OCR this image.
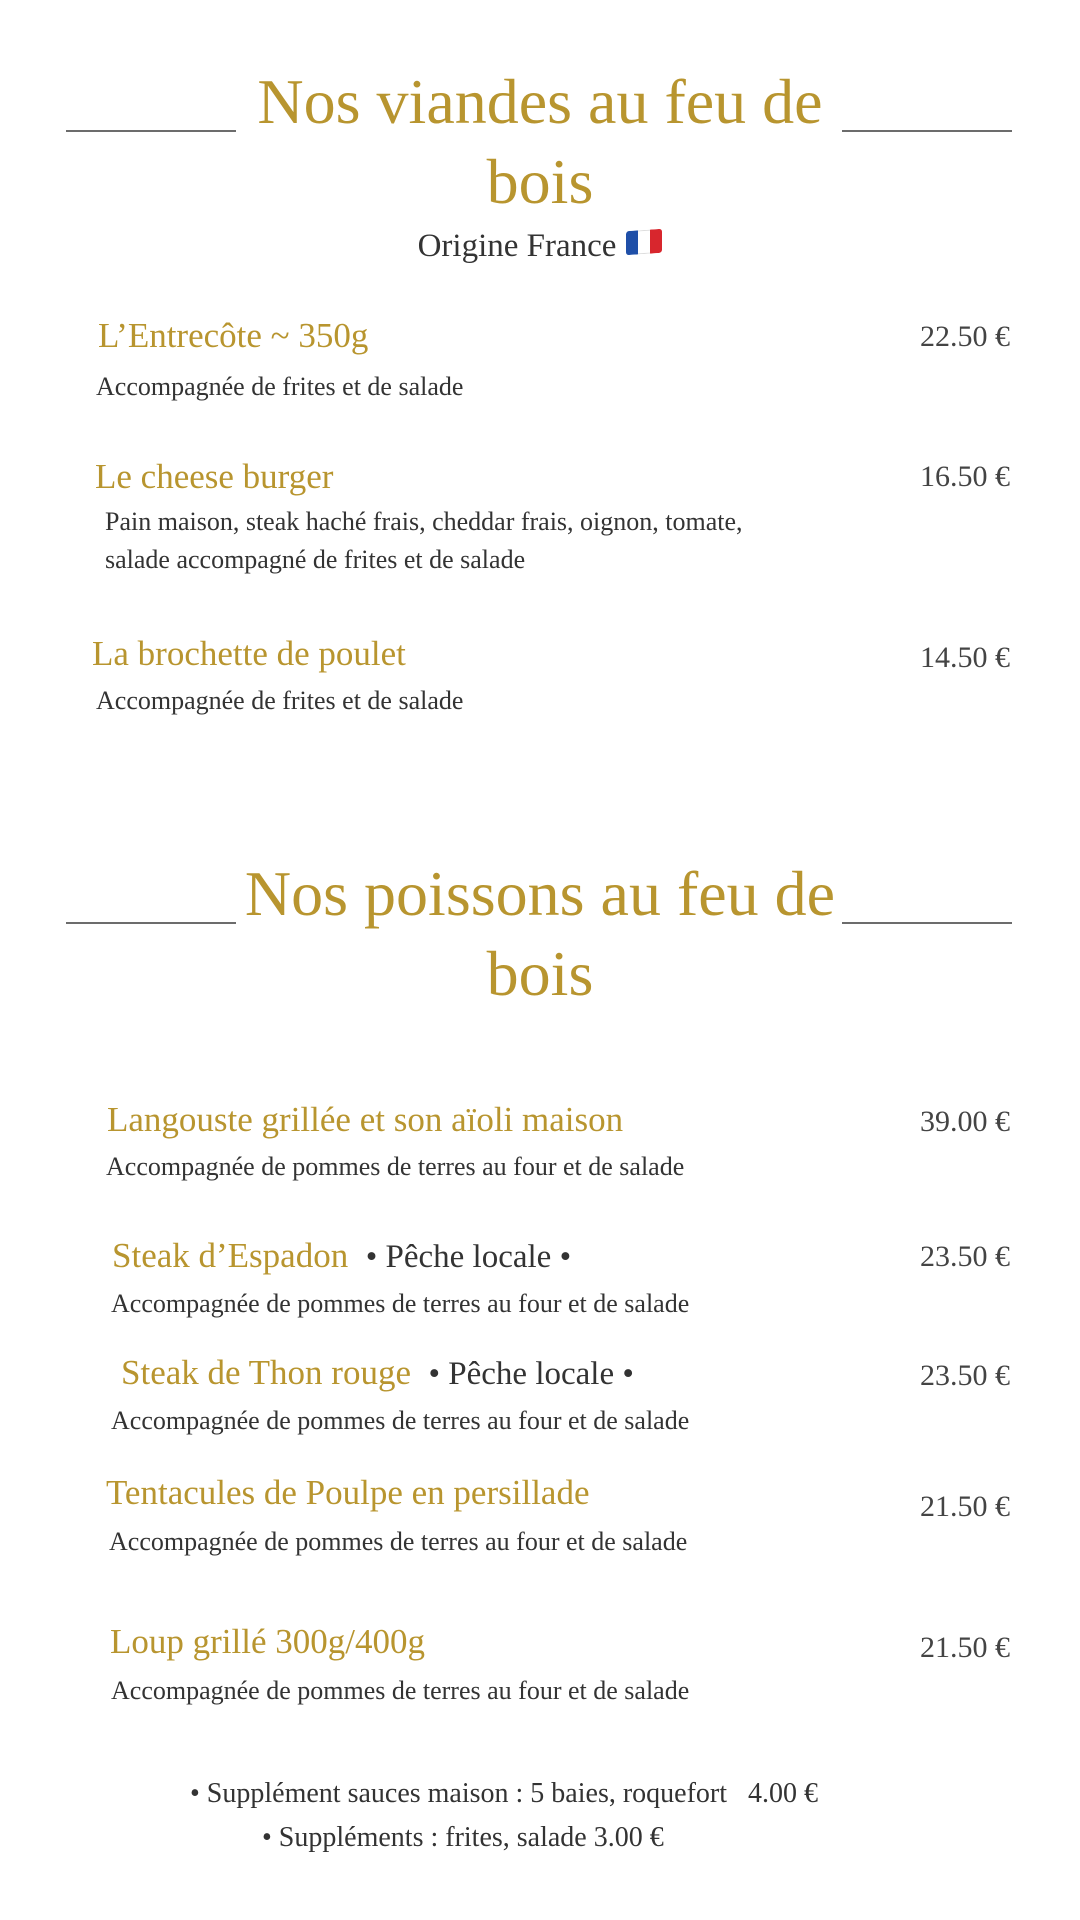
Nos viandes au feu de
bois
Origine France
L’Entrecôte ~ 350g
Accompagnée de frites et de salade
22.50 €
Le cheese burger
Pain maison, steak haché frais, cheddar frais, oignon, tomate,
salade accompagné de frites et de salade
16.50 €
La brochette de poulet
Accompagnée de frites et de salade
14.50 €
Nos poissons au feu de
bois
Langouste grillée et son aïoli maison
Accompagnée de pommes de terres au four et de salade
39.00 €
Steak d’Espadon • Pêche locale •
Accompagnée de pommes de terres au four et de salade
23.50 €
Steak de Thon rouge • Pêche locale •
Accompagnée de pommes de terres au four et de salade
23.50 €
Tentacules de Poulpe en persillade
Accompagnée de pommes de terres au four et de salade
21.50 €
Loup grillé 300g/400g
Accompagnée de pommes de terres au four et de salade
21.50 €
• Supplément sauces maison : 5 baies, roquefort   4.00 €
• Suppléments : frites, salade 3.00 €
